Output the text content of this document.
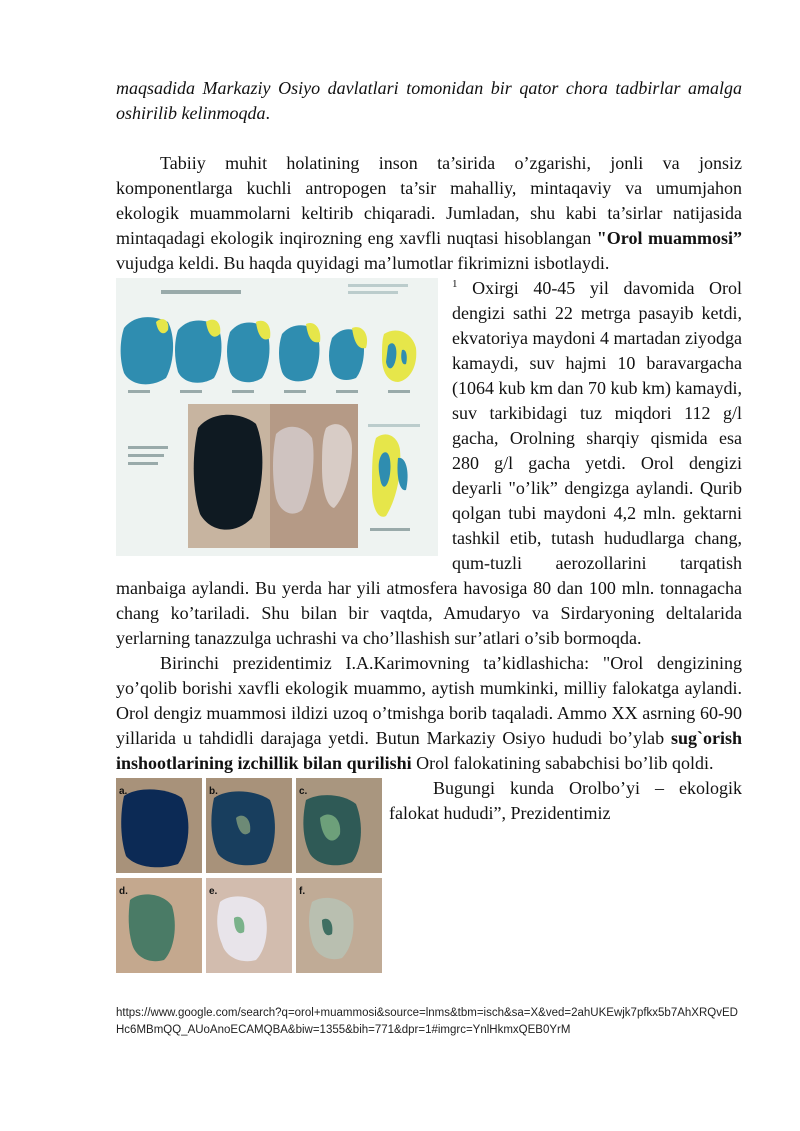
maqsadida Markaziy Osiyo davlatlari tomonidan bir qator chora tadbirlar amalga oshirilib kelinmoqda.

Tabiiy muhit holatining inson ta’sirida o’zgarishi, jonli va jonsiz komponentlarga kuchli antropogen ta’sir mahalliy, mintaqaviy va umumjahon ekologik muammolarni keltirib chiqaradi. Jumladan, shu kabi ta’sirlar natijasida mintaqadagi ekologik inqirozning eng xavfli nuqtasi hisoblangan "Orol muammosi” vujudga keldi. Bu haqda quyidagi ma’lumotlar fikrimizni isbotlaydi.

$^1$ Oxirgi 40-45 yil davomida Orol dengizi sathi 22 metrga pasayib ketdi, ekvatoriya maydoni 4 martadan ziyodga kamaydi, suv hajmi 10 baravargacha (1064 kub km dan 70 kub km) kamaydi, suv tarkibidagi tuz miqdori 112 g/l gacha, Orolning sharqiy qismida esa 280 g/l gacha yetdi. Orol dengizi deyarli "o’lik” dengizga aylandi. Qurib qolgan tubi maydoni 4,2 mln. gektarni tashkil etib, tutash hududlarga chang, qum-tuzli aerozollarini tarqatish manbaiga aylandi. Bu yerda har yili atmosfera havosiga 80 dan 100 mln. tonnagacha chang ko’tariladi. Shu bilan bir vaqtda, Amudaryo va Sirdaryoning deltalarida yerlarning tanazzulga uchrashi va cho’llashish sur’atlari o’sib bormoqda.

Birinchi prezidentimiz I.A.Karimovning ta’kidlashicha: "Orol dengizining yo’qolib borishi xavfli ekologik muammo, aytish mumkinki, milliy falokatga aylandi. Orol dengiz muammosi ildizi uzoq o’tmishga borib taqaladi. Ammo XX asrning 60-90 yillarida u tahdidli darajaga yetdi. Butun Markaziy Osiyo hududi bo’ylab sug`orish inshootlarining izchillik bilan qurilishi Orol falokatining sababchisi bo’lib qoldi.

a.	b.	c.
d.	e.	f.

Bugungi kunda Orolbo’yi – ekologik falokat hududi”, Prezidentimiz

https://www.google.com/search?q=orol+muammosi&source=lnms&tbm=isch&sa=X&ved=2ahUKEwjk7pfkx5b7AhXRQvEDHc6MBmQQ_AUoAnoECAMQBA&biw=1355&bih=771&dpr=1#imgrc=YnlHkmxQEB0YrM
